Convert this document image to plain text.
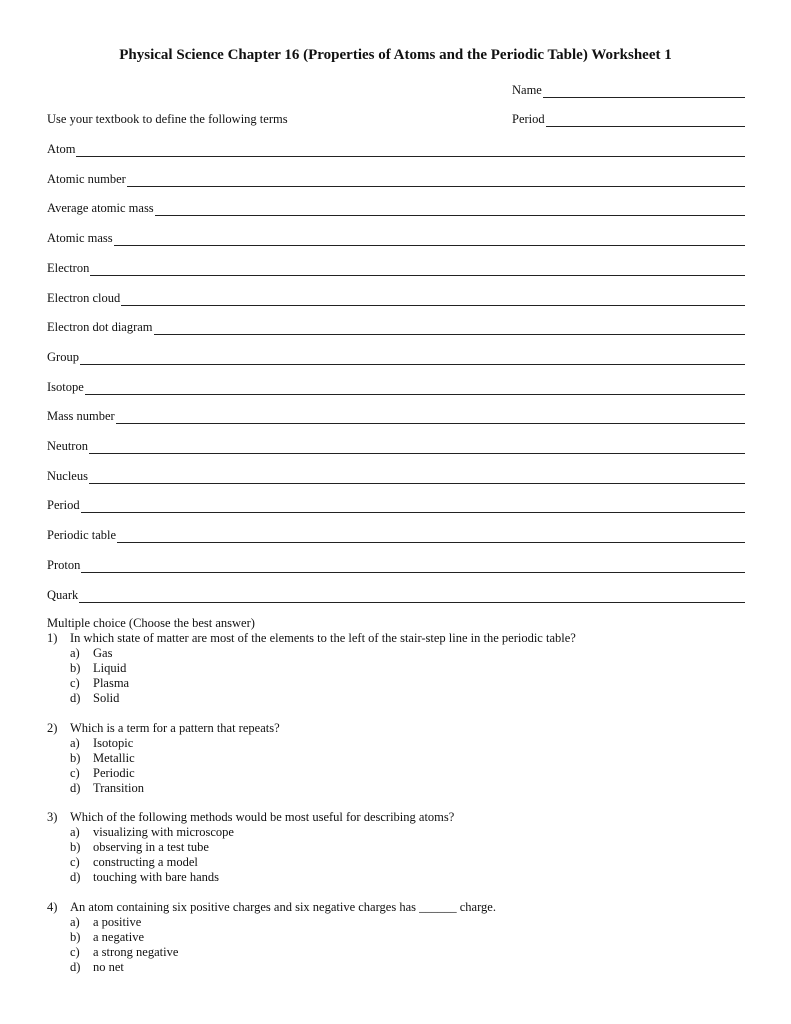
Physical Science Chapter 16 (Properties of Atoms and the Periodic Table) Worksheet 1
Name
Period
Use your textbook to define the following terms
Atom
Atomic number
Average atomic mass
Atomic mass
Electron
Electron cloud
Electron dot diagram
Group
Isotope
Mass number
Neutron
Nucleus
Period
Periodic table
Proton
Quark
Multiple choice (Choose the best answer)
1)	In which state of matter are most of the elements to the left of the stair-step line in the periodic table?
a)	Gas
b)	Liquid
c)	Plasma
d)	Solid
2)	Which is a term for a pattern that repeats?
a)	Isotopic
b)	Metallic
c)	Periodic
d)	Transition
3)	Which of the following methods would be most useful for describing atoms?
a)	visualizing with microscope
b)	observing in a test tube
c)	constructing a model
d)	touching with bare hands
4)	An atom containing six positive charges and six negative charges has ______ charge.
a)	a positive
b)	a negative
c)	a strong negative
d)	no net
